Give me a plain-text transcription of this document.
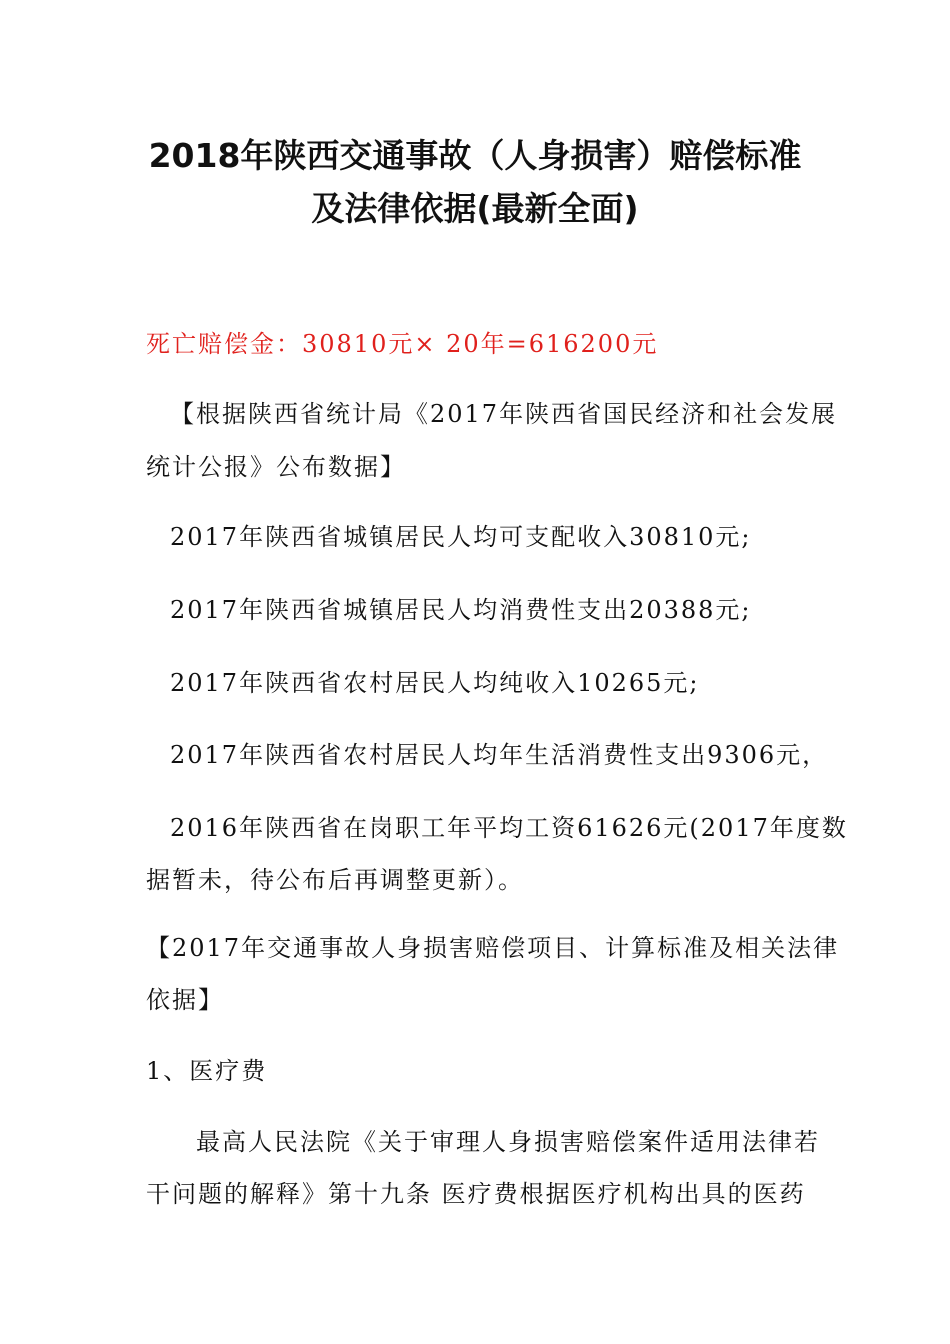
2018年陕西交通事故（人身损害）赔偿标准
及法律依据(最新全面)

死亡赔偿金：30810元× 20年=616200元

【根据陕西省统计局《2017年陕西省国民经济和社会发展

统计公报》公布数据】

2017年陕西省城镇居民人均可支配收入30810元;

2017年陕西省城镇居民人均消费性支出20388元;

2017年陕西省农村居民人均纯收入10265元;

2017年陕西省农村居民人均年生活消费性支出9306元，

2016年陕西省在岗职工年平均工资61626元(2017年度数

据暂未，待公布后再调整更新）。

【2017年交通事故人身损害赔偿项目、计算标准及相关法律

依据】

1、医疗费

最高人民法院《关于审理人身损害赔偿案件适用法律若

干问题的解释》第十九条 医疗费根据医疗机构出具的医药
